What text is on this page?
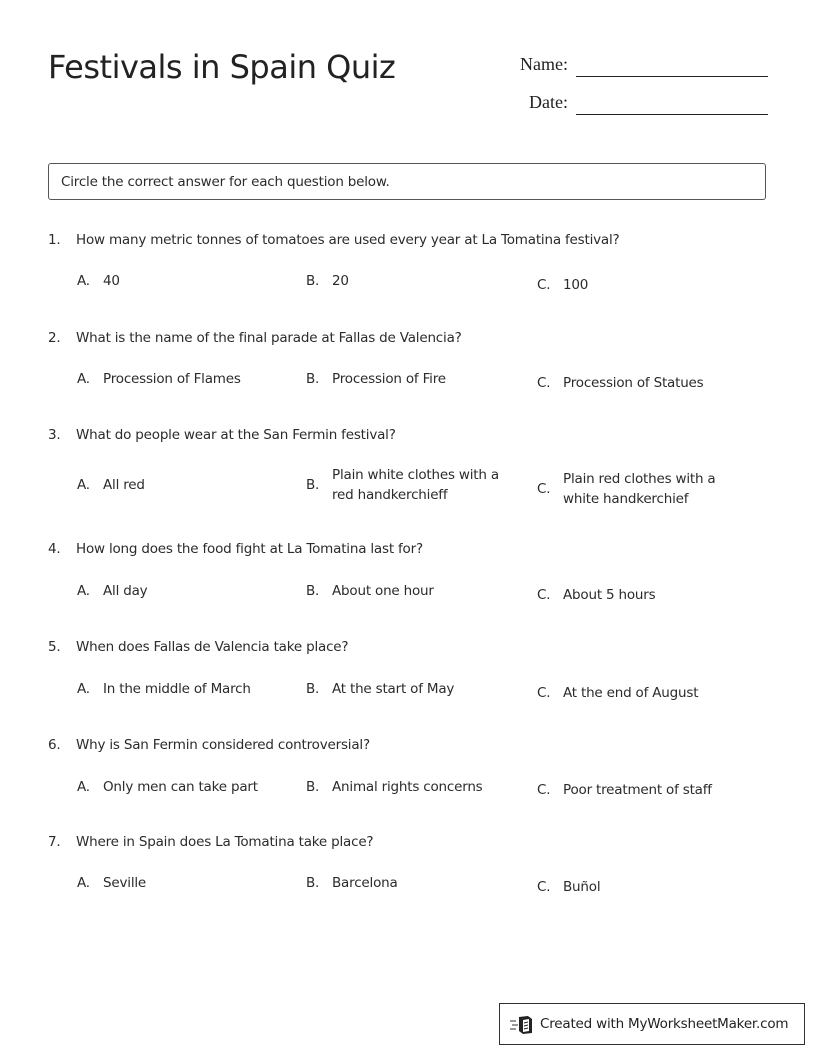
Festivals in Spain Quiz	Name:
Date:
Circle the correct answer for each question below.
1. How many metric tonnes of tomatoes are used every year at La Tomatina festival?
A. 40	B. 20	C. 100
2. What is the name of the final parade at Fallas de Valencia?
A. Procession of Flames	B. Procession of Fire	C. Procession of Statues
3. What do people wear at the San Fermin festival?
A. All red	B.
Plain white clothes with a
red handkerchieff	C.
Plain red clothes with a
white handkerchief
4. How long does the food fight at La Tomatina last for?
A. All day	B. About one hour	C. About 5 hours
5. When does Fallas de Valencia take place?
A. In the middle of March	B. At the start of May	C. At the end of August
6. Why is San Fermin considered controversial?
A. Only men can take part	B. Animal rights concerns	C. Poor treatment of staff
7. Where in Spain does La Tomatina take place?
A. Seville	B. Barcelona	C. Buñol
Created with MyWorksheetMaker.com
